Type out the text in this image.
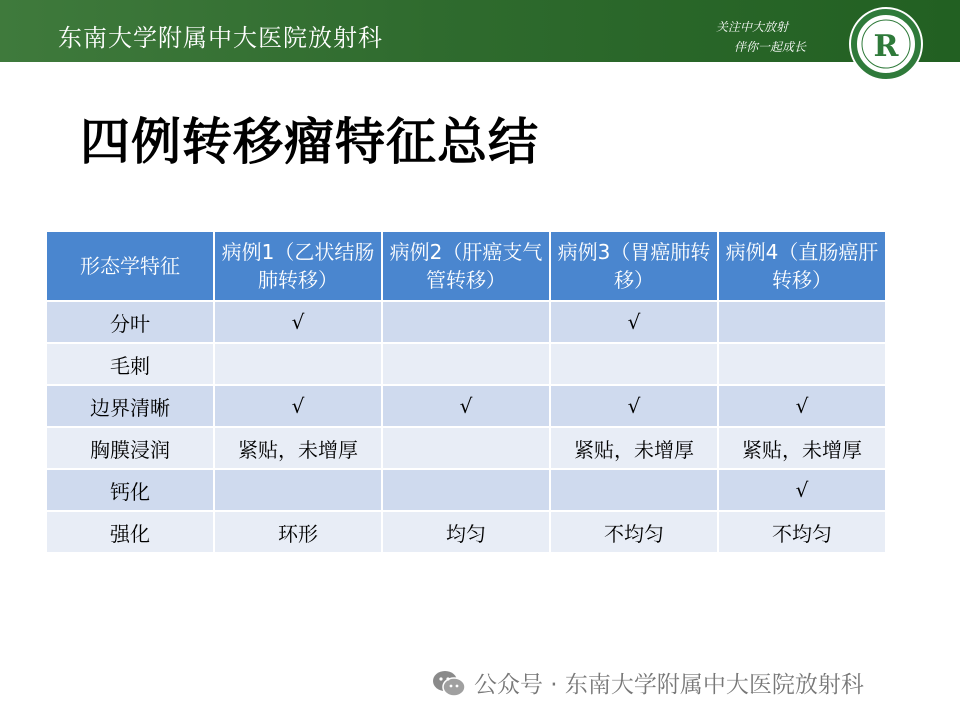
东南大学附属中大医院放射科	关注中大放射
伴你一起成长 R
四例转移瘤特征总结
形态学特征	病例1（乙状结肠肺转移）	病例2（肝癌支气管转移）	病例3（胃癌肺转移）	病例4（直肠癌肝转移）
分叶	√		√	
毛刺				
边界清晰	√	√	√	√
胸膜浸润	紧贴，未增厚		紧贴，未增厚	紧贴，未增厚
钙化				√
强化	环形	均匀	不均匀	不均匀
公众号 · 东南大学附属中大医院放射科
